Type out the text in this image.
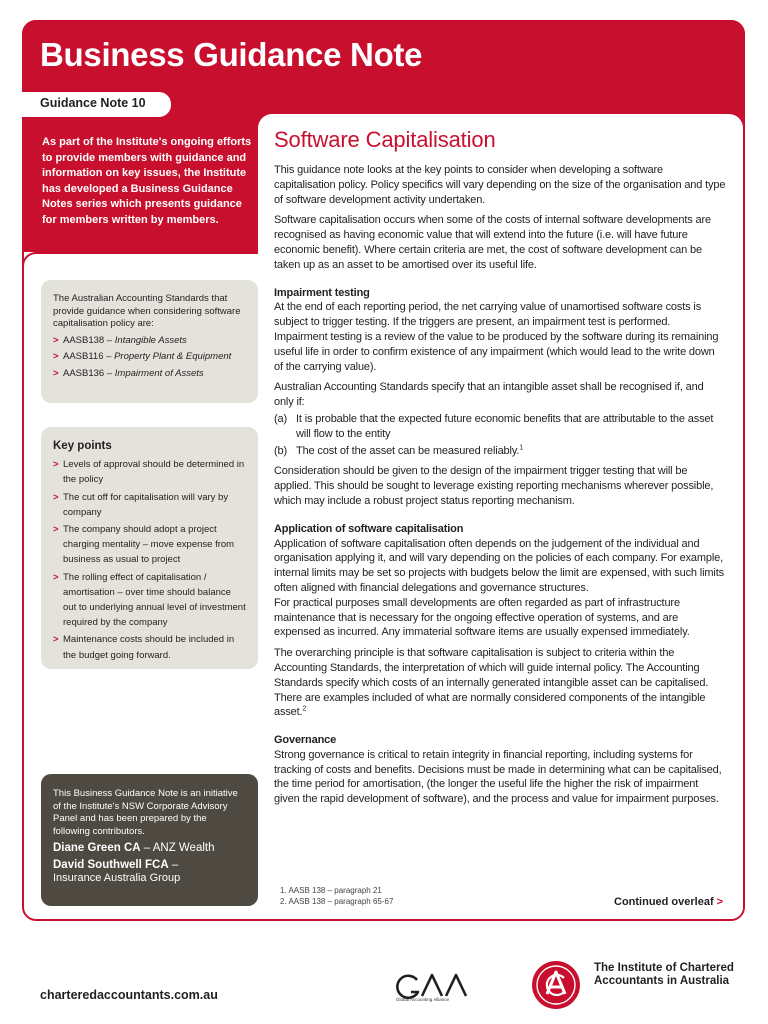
Business Guidance Note
Guidance Note 10
As part of the Institute's ongoing efforts to provide members with guidance and information on key issues, the Institute has developed a Business Guidance Notes series which presents guidance for members written by members.
Software Capitalisation

This guidance note looks at the key points to consider when developing a software capitalisation policy. Policy specifics will vary depending on the size of the organisation and type of software development activity undertaken.

Software capitalisation occurs when some of the costs of internal software developments are recognised as having economic value that will extend into the future (i.e. will have future economic benefit). Where certain criteria are met, the cost of software development can be taken up as an asset to be amortised over its useful life.

Impairment testing

At the end of each reporting period, the net carrying value of unamortised software costs is subject to trigger testing. If the triggers are present, an impairment test is performed. Impairment testing is a review of the value to be produced by the software during its remaining useful life in order to confirm existence of any impairment (which would lead to the write down of the carrying value).

Australian Accounting Standards specify that an intangible asset shall be recognised if, and only if:

(a) It is probable that the expected future economic benefits that are attributable to the asset will flow to the entity
(b) The cost of the asset can be measured reliably.$^1$

Consideration should be given to the design of the impairment trigger testing that will be applied. This should be sought to leverage existing reporting mechanisms wherever possible, which may include a robust project status reporting mechanism.

Application of software capitalisation

Application of software capitalisation often depends on the judgement of the individual and organisation applying it, and will vary depending on the policies of each company. For example, internal limits may be set so projects with budgets below the limit are expensed, with such limits often aligned with financial delegations and governance structures.

For practical purposes small developments are often regarded as part of infrastructure maintenance that is necessary for the ongoing effective operation of systems, and are expensed as incurred. Any immaterial software items are usually expensed immediately.

The overarching principle is that software capitalisation is subject to criteria within the Accounting Standards, the interpretation of which will guide internal policy. The Accounting Standards specify which costs of an internally generated intangible asset can be capitalised. There are examples included of what are normally considered components of the intangible asset.$^2$

Governance

Strong governance is critical to retain integrity in financial reporting, including systems for tracking of costs and benefits. Decisions must be made in determining what can be capitalised, the time period for amortisation, (the longer the useful life the higher the risk of impairment given the rapid development of software), and the process and value for impairment purposes.

1. AASB 138 – paragraph 21
2. AASB 138 – paragraph 65-67	Continued overleaf >
The Australian Accounting Standards that provide guidance when considering software capitalisation policy are:
> AASB138 – Intangible Assets
> AASB116 – Property Plant & Equipment
> AASB136 – Impairment of Assets
Key points
> Levels of approval should be determined in the policy
> The cut off for capitalisation will vary by company
> The company should adopt a project charging mentality – move expense from business as usual to project
> The rolling effect of capitalisation / amortisation – over time should balance out to underlying annual level of investment required by the company
> Maintenance costs should be included in the budget going forward.
This Business Guidance Note is an initiative of the Institute's NSW Corporate Advisory Panel and has been prepared by the following contributors.
Diane Green CA – ANZ Wealth
David Southwell FCA –
Insurance Australia Group
charteredaccountants.com.au	Global Accounting Alliance
The Institute of Chartered Accountants in Australia
